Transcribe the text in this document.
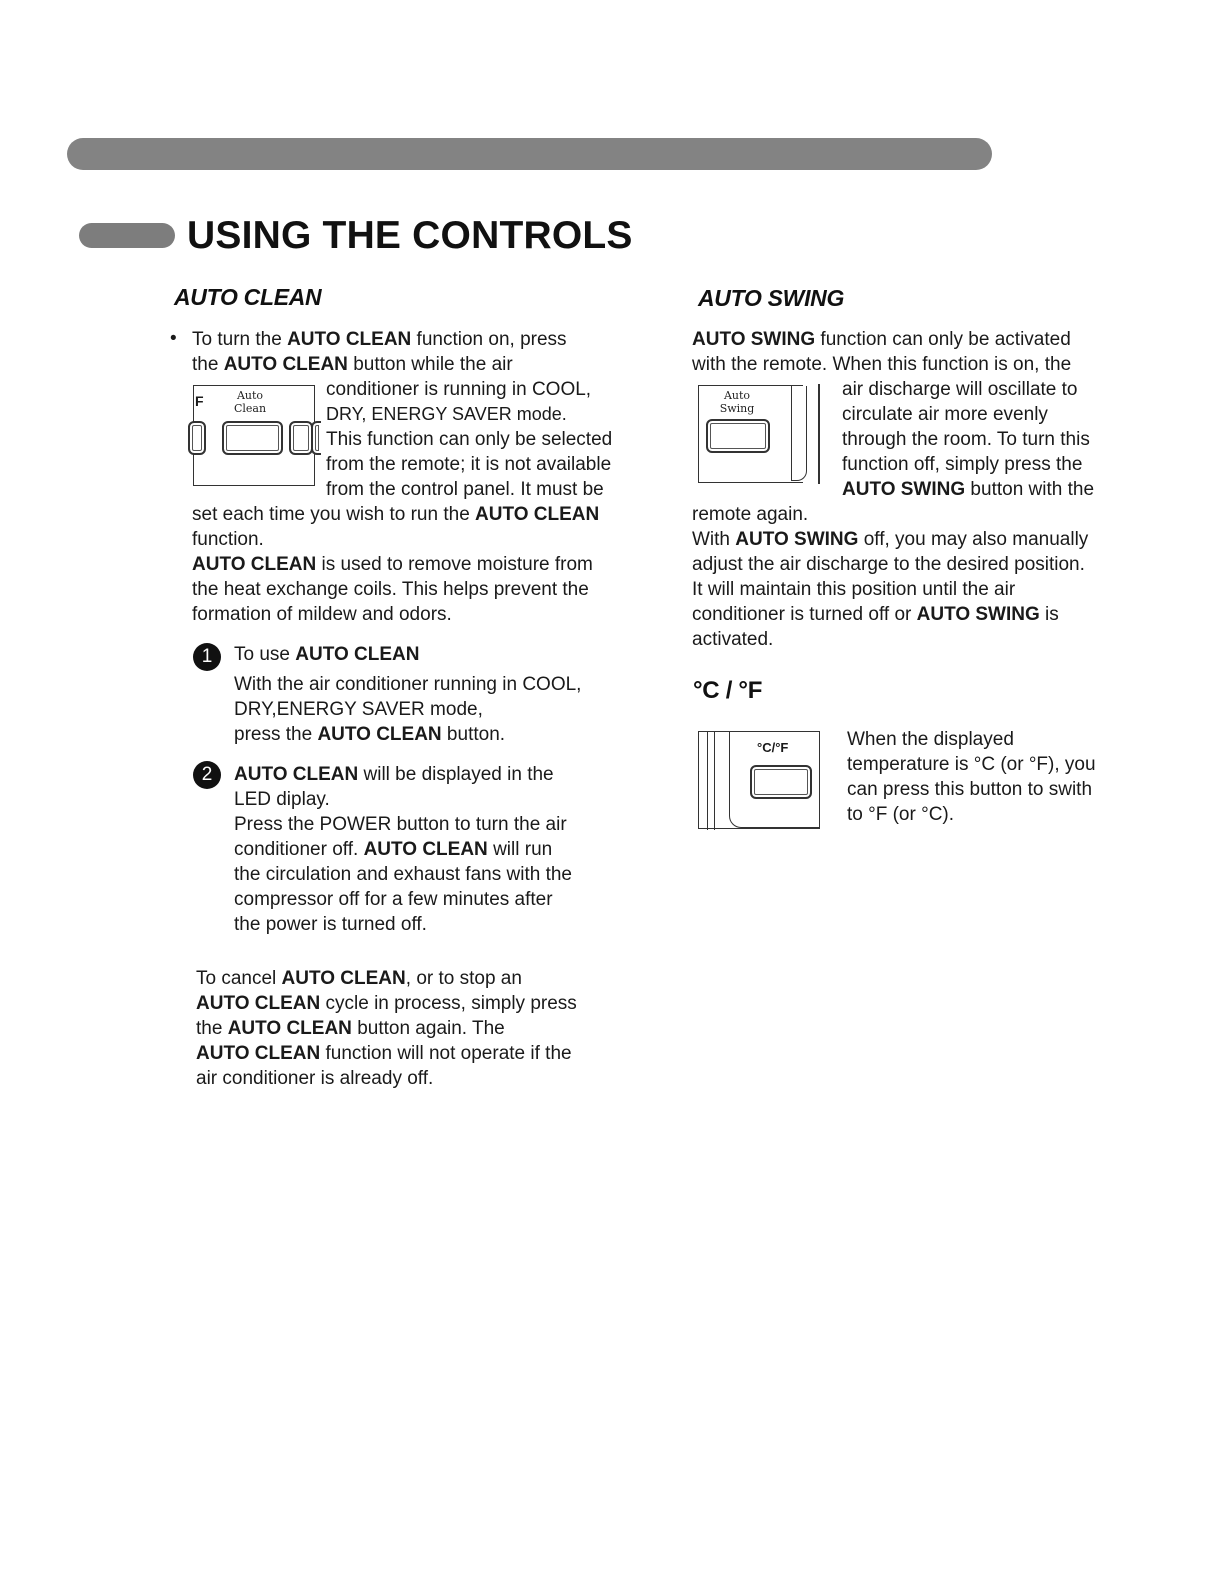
USING THE CONTROLS
AUTO CLEAN
• To turn the AUTO CLEAN function on, press

the AUTO CLEAN button while the air

conditioner is running in COOL,

DRY, ENERGY SAVER mode.

This function can only be selected

from the remote; it is not available

from the control panel. It must be

set each time you wish to run the AUTO CLEAN

function.

F	Auto
Clean

AUTO CLEAN is used to remove moisture from

the heat exchange coils. This helps prevent the

formation of mildew and odors.

1	To use AUTO CLEAN

With the air conditioner running in COOL,

DRY,ENERGY SAVER mode,

press the AUTO CLEAN button.

2	AUTO CLEAN will be displayed in the

LED diplay.

Press the POWER button to turn the air

conditioner off. AUTO CLEAN will run

the circulation and exhaust fans with the

compressor off for a few minutes after

the power is turned off.

To cancel AUTO CLEAN, or to stop an

AUTO CLEAN cycle in process, simply press

the AUTO CLEAN button again. The

AUTO CLEAN function will not operate if the

air conditioner is already off.

AUTO SWING
Auto
Swing

AUTO SWING function can only be activated

with the remote. When this function is on, the

air discharge will oscillate to

circulate air more evenly

through the room. To turn this

function off, simply press the

AUTO SWING button with the

remote again.

With AUTO SWING off, you may also manually

adjust the air discharge to the desired position.

It will maintain this position until the air

conditioner is turned off or AUTO SWING is

activated.

°C / °F
°C/°F	When the displayed

temperature is °C (or °F), you

can press this button to swith

to °F (or °C).
